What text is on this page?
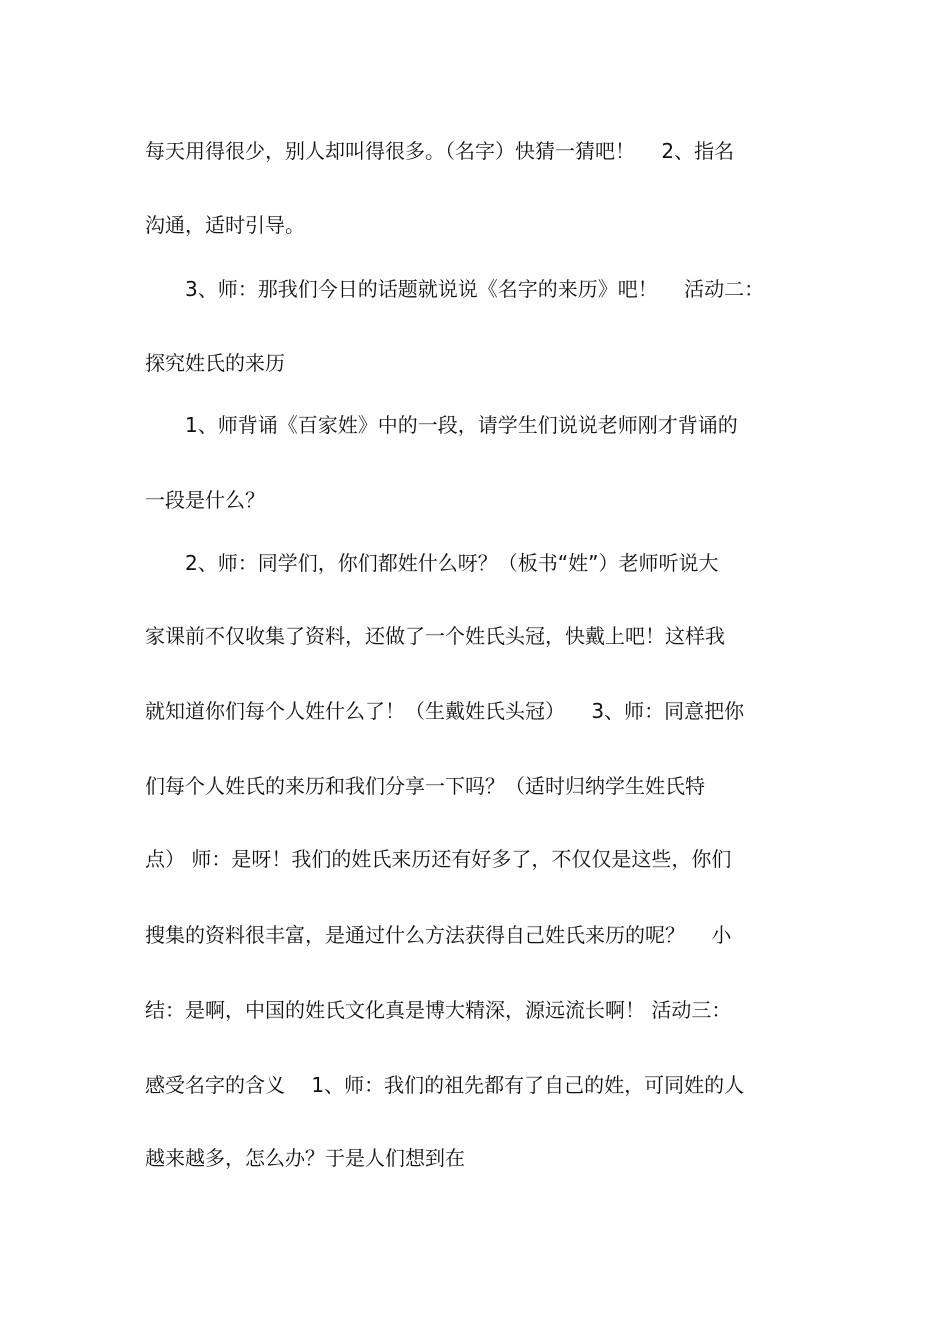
每天用得很少，别人却叫得很多。（名字）快猜一猜吧！ 　2、指名
沟通，适时引导。
3、师：那我们今日的话题就说说《名字的来历》吧！ 　活动二：
探究姓氏的来历
1、师背诵《百家姓》中的一段，请学生们说说老师刚才背诵的
一段是什么？
2、师：同学们，你们都姓什么呀？（板书“姓”）老师听说大
家课前不仅收集了资料，还做了一个姓氏头冠，快戴上吧！这样我
就知道你们每个人姓什么了！（生戴姓氏头冠） 　3、师：同意把你
们每个人姓氏的来历和我们分享一下吗？（适时归纳学生姓氏特
点） 师：是呀！我们的姓氏来历还有好多了，不仅仅是这些，你们
搜集的资料很丰富，是通过什么方法获得自己姓氏来历的呢？ 　小
结：是啊，中国的姓氏文化真是博大精深，源远流长啊！ 活动三：
感受名字的含义 　1、师：我们的祖先都有了自己的姓，可同姓的人
越来越多，怎么办？于是人们想到在
